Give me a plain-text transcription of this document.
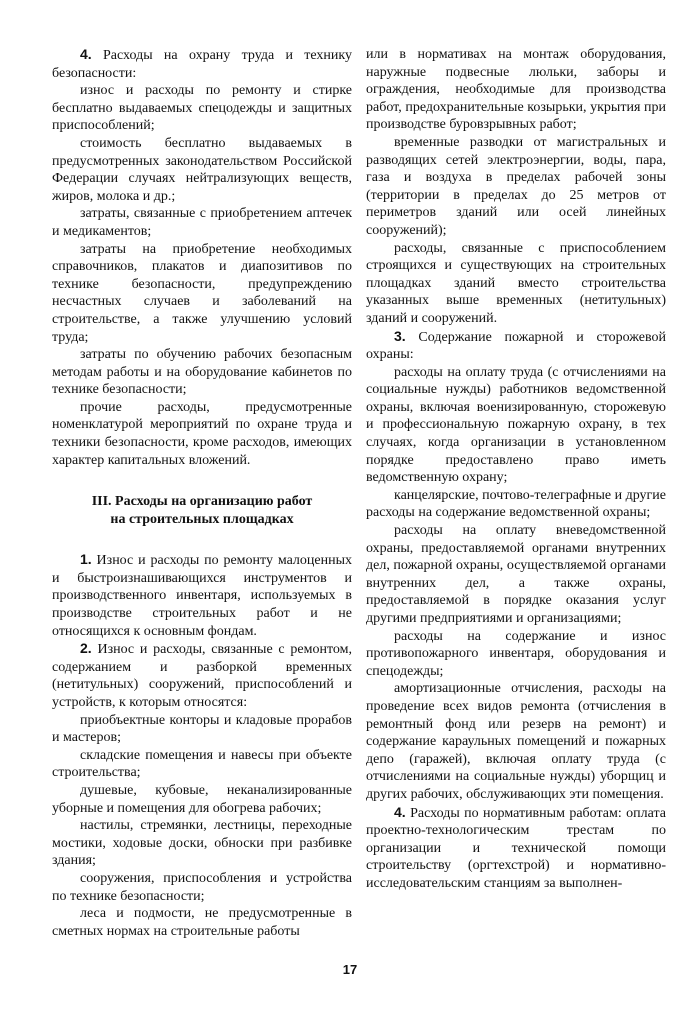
4. Расходы на охрану труда и технику безопасности:

износ и расходы по ремонту и стирке бесплатно выдаваемых спецодежды и защитных приспособлений;

стоимость бесплатно выдаваемых в предусмотренных законодательством Российской Федерации случаях нейтрализующих веществ, жиров, молока и др.;

затраты, связанные с приобретением аптечек и медикаментов;

затраты на приобретение необходимых справочников, плакатов и диапозитивов по технике безопасности, предупреждению несчастных случаев и заболеваний на строительстве, а также улучшению условий труда;

затраты по обучению рабочих безопасным методам работы и на оборудование кабинетов по технике безопасности;

прочие расходы, предусмотренные номенклатурой мероприятий по охране труда и техники безопасности, кроме расходов, имеющих характер капитальных вложений.

III. Расходы на организацию работ
на строительных площадках

1. Износ и расходы по ремонту малоценных и быстроизнашивающихся инструментов и производственного инвентаря, используемых в производстве строительных работ и не относящихся к основным фондам.

2. Износ и расходы, связанные с ремонтом, содержанием и разборкой временных (нетитульных) сооружений, приспособлений и устройств, к которым относятся:

приобъектные конторы и кладовые прорабов и мастеров;

складские помещения и навесы при объекте строительства;

душевые, кубовые, неканализированные уборные и помещения для обогрева рабочих;

настилы, стремянки, лестницы, переходные мостики, ходовые доски, обноски при разбивке здания;

сооружения, приспособления и устройства по технике безопасности;

леса и подмости, не предусмотренные в сметных нормах на строительные работы

или в нормативах на монтаж оборудования, наружные подвесные люльки, заборы и ограждения, необходимые для производства работ, предохранительные козырьки, укрытия при производстве буровзрывных работ;

временные разводки от магистральных и разводящих сетей электроэнергии, воды, пара, газа и воздуха в пределах рабочей зоны (территории в пределах до 25 метров от периметров зданий или осей линейных сооружений);

расходы, связанные с приспособлением строящихся и существующих на строительных площадках зданий вместо строительства указанных выше временных (нетитульных) зданий и сооружений.

3. Содержание пожарной и сторожевой охраны:

расходы на оплату труда (с отчислениями на социальные нужды) работников ведомственной охраны, включая военизированную, сторожевую и профессиональную пожарную охрану, в тех случаях, когда организации в установленном порядке предоставлено право иметь ведомственную охрану;

канцелярские, почтово-телеграфные и другие расходы на содержание ведомственной охраны;

расходы на оплату вневедомственной охраны, предоставляемой органами внутренних дел, пожарной охраны, осуществляемой органами внутренних дел, а также охраны, предоставляемой в порядке оказания услуг другими предприятиями и организациями;

расходы на содержание и износ противопожарного инвентаря, оборудования и спецодежды;

амортизационные отчисления, расходы на проведение всех видов ремонта (отчисления в ремонтный фонд или резерв на ремонт) и содержание караульных помещений и пожарных депо (гаражей), включая оплату труда (с отчислениями на социальные нужды) уборщиц и других рабочих, обслуживающих эти помещения.

4. Расходы по нормативным работам: оплата проектно-технологическим трестам по организации и технической помощи строительству (оргтехстрой) и нормативно-исследовательским станциям за выполнен-

17
